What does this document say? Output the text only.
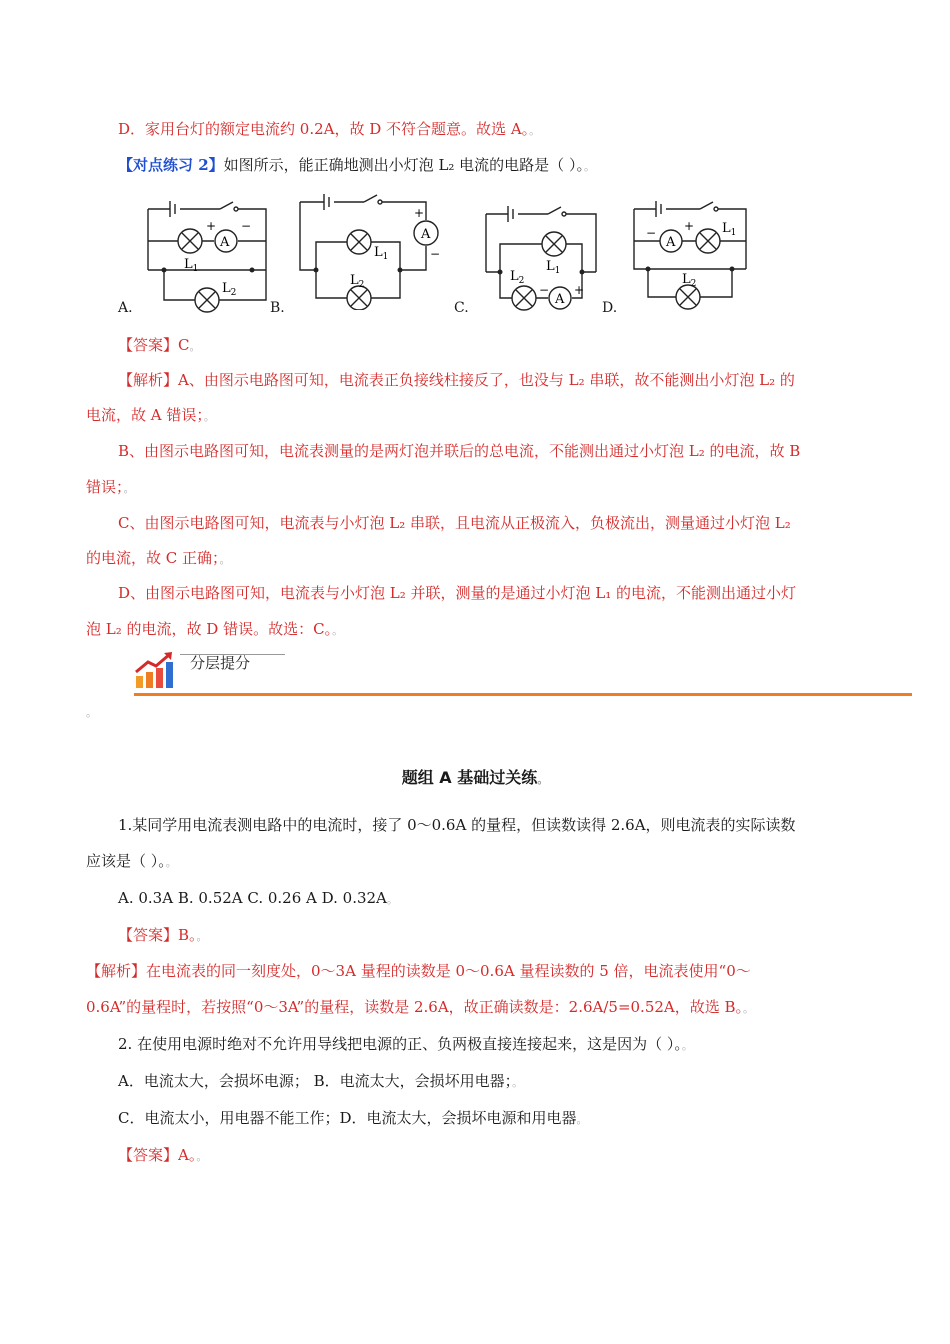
D．家用台灯的额定电流约 0.2A，故 D 不符合题意。故选 A。。
【对点练习 2】如图所示，能正确地测出小灯泡 L₂ 电流的电路是（ ）。。
A
+ −
$L_1$
$L_2$
A.
A
+
−
$L_1$
$L_2$
B.
A
− +
$L_1$
$L_2$
C.
A
− + $L_1$
$L_2$
D.
【答案】C。
【解析】A、由图示电路图可知，电流表正负接线柱接反了，也没与 L₂ 串联，故不能测出小灯泡 L₂ 的
电流，故 A 错误；。
B、由图示电路图可知，电流表测量的是两灯泡并联后的总电流，不能测出通过小灯泡 L₂ 的电流，故 B
错误；。
C、由图示电路图可知，电流表与小灯泡 L₂ 串联，且电流从正极流入，负极流出，测量通过小灯泡 L₂
的电流，故 C 正确；。
D、由图示电路图可知，电流表与小灯泡 L₂ 并联，测量的是通过小灯泡 L₁ 的电流，不能测出通过小灯
泡 L₂ 的电流，故 D 错误。故选：C。。
分层提分
。
题组 A 基础过关练。
1.某同学用电流表测电路中的电流时，接了 0～0.6A 的量程，但读数读得 2.6A，则电流表的实际读数
应该是（ ）。。
A. 0.3A B. 0.52A C. 0.26 A D. 0.32A。
【答案】B。。
【解析】在电流表的同一刻度处，0～3A 量程的读数是 0～0.6A 量程读数的 5 倍，电流表使用“0～
0.6A”的量程时，若按照“0～3A”的量程，读数是 2.6A，故正确读数是：2.6A/5=0.52A，故选 B。。
2. 在使用电源时绝对不允许用导线把电源的正、负两极直接连接起来，这是因为（ ）。。
A．电流太大，会损坏电源； B．电流太大，会损坏用电器；。
C．电流太小，用电器不能工作；D．电流太大，会损坏电源和用电器。
【答案】A。。
